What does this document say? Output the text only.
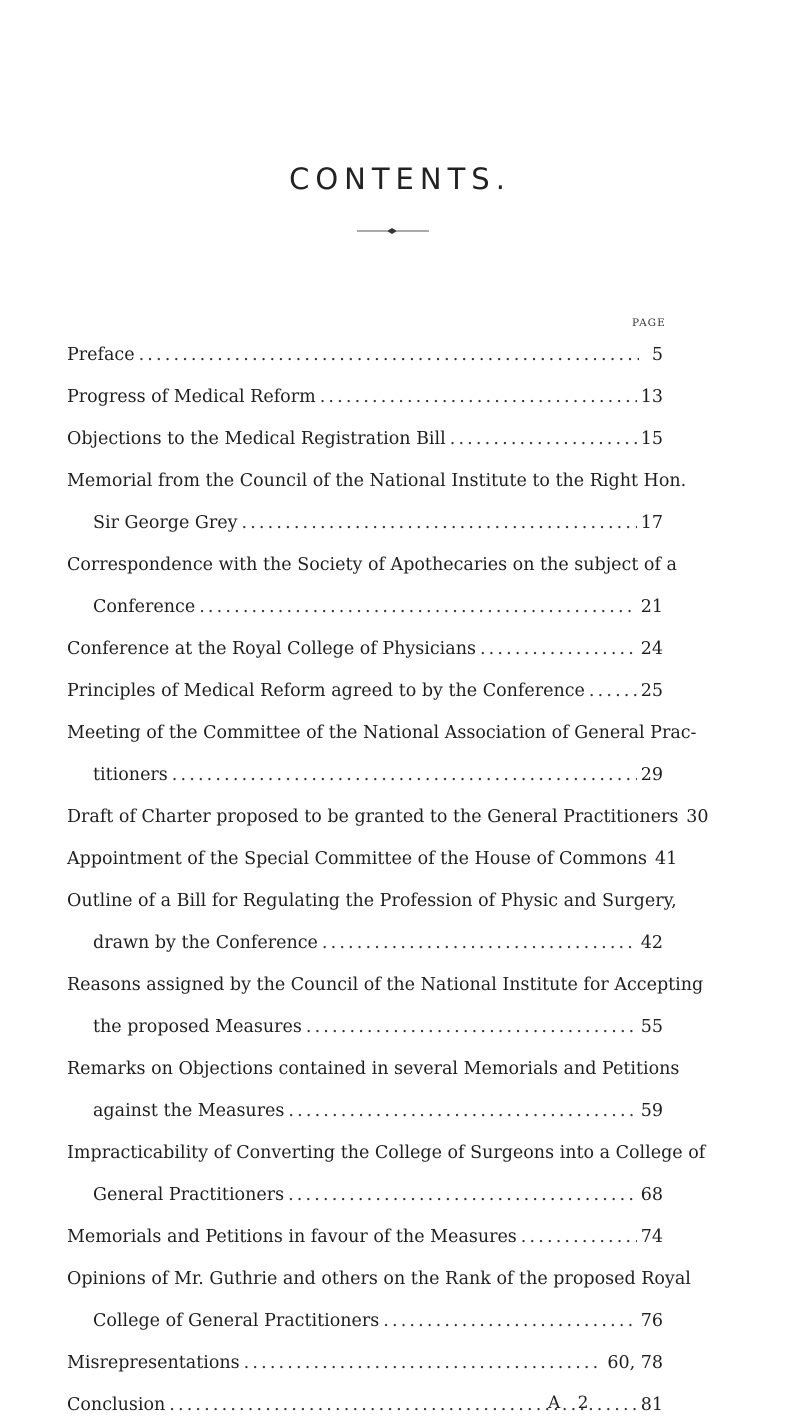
CONTENTS.
PAGE
Preface . . .	5
Progress of Medical Reform . . .	13
Objections to the Medical Registration Bill . . .	15
Memorial from the Council of the National Institute to the Right Hon.
Sir George Grey . . .	17
Correspondence with the Society of Apothecaries on the subject of a
Conference . . .	21
Conference at the Royal College of Physicians . . .	24
Principles of Medical Reform agreed to by the Conference . . .	25
Meeting of the Committee of the National Association of General Prac-
titioners . . .	29
Draft of Charter proposed to be granted to the General Practitioners 30
Appointment of the Special Committee of the House of Commons 41
Outline of a Bill for Regulating the Profession of Physic and Surgery,
drawn by the Conference . . .	42
Reasons assigned by the Council of the National Institute for Accepting
the proposed Measures . . .	55
Remarks on Objections contained in several Memorials and Petitions
against the Measures . . .	59
Impracticability of Converting the College of Surgeons into a College of
General Practitioners . . .	68
Memorials and Petitions in favour of the Measures . . .	74
Opinions of Mr. Guthrie and others on the Rank of the proposed Royal
College of General Practitioners . . .	76
Misrepresentations . . .	60, 78
Conclusion . . .	81
A 2
